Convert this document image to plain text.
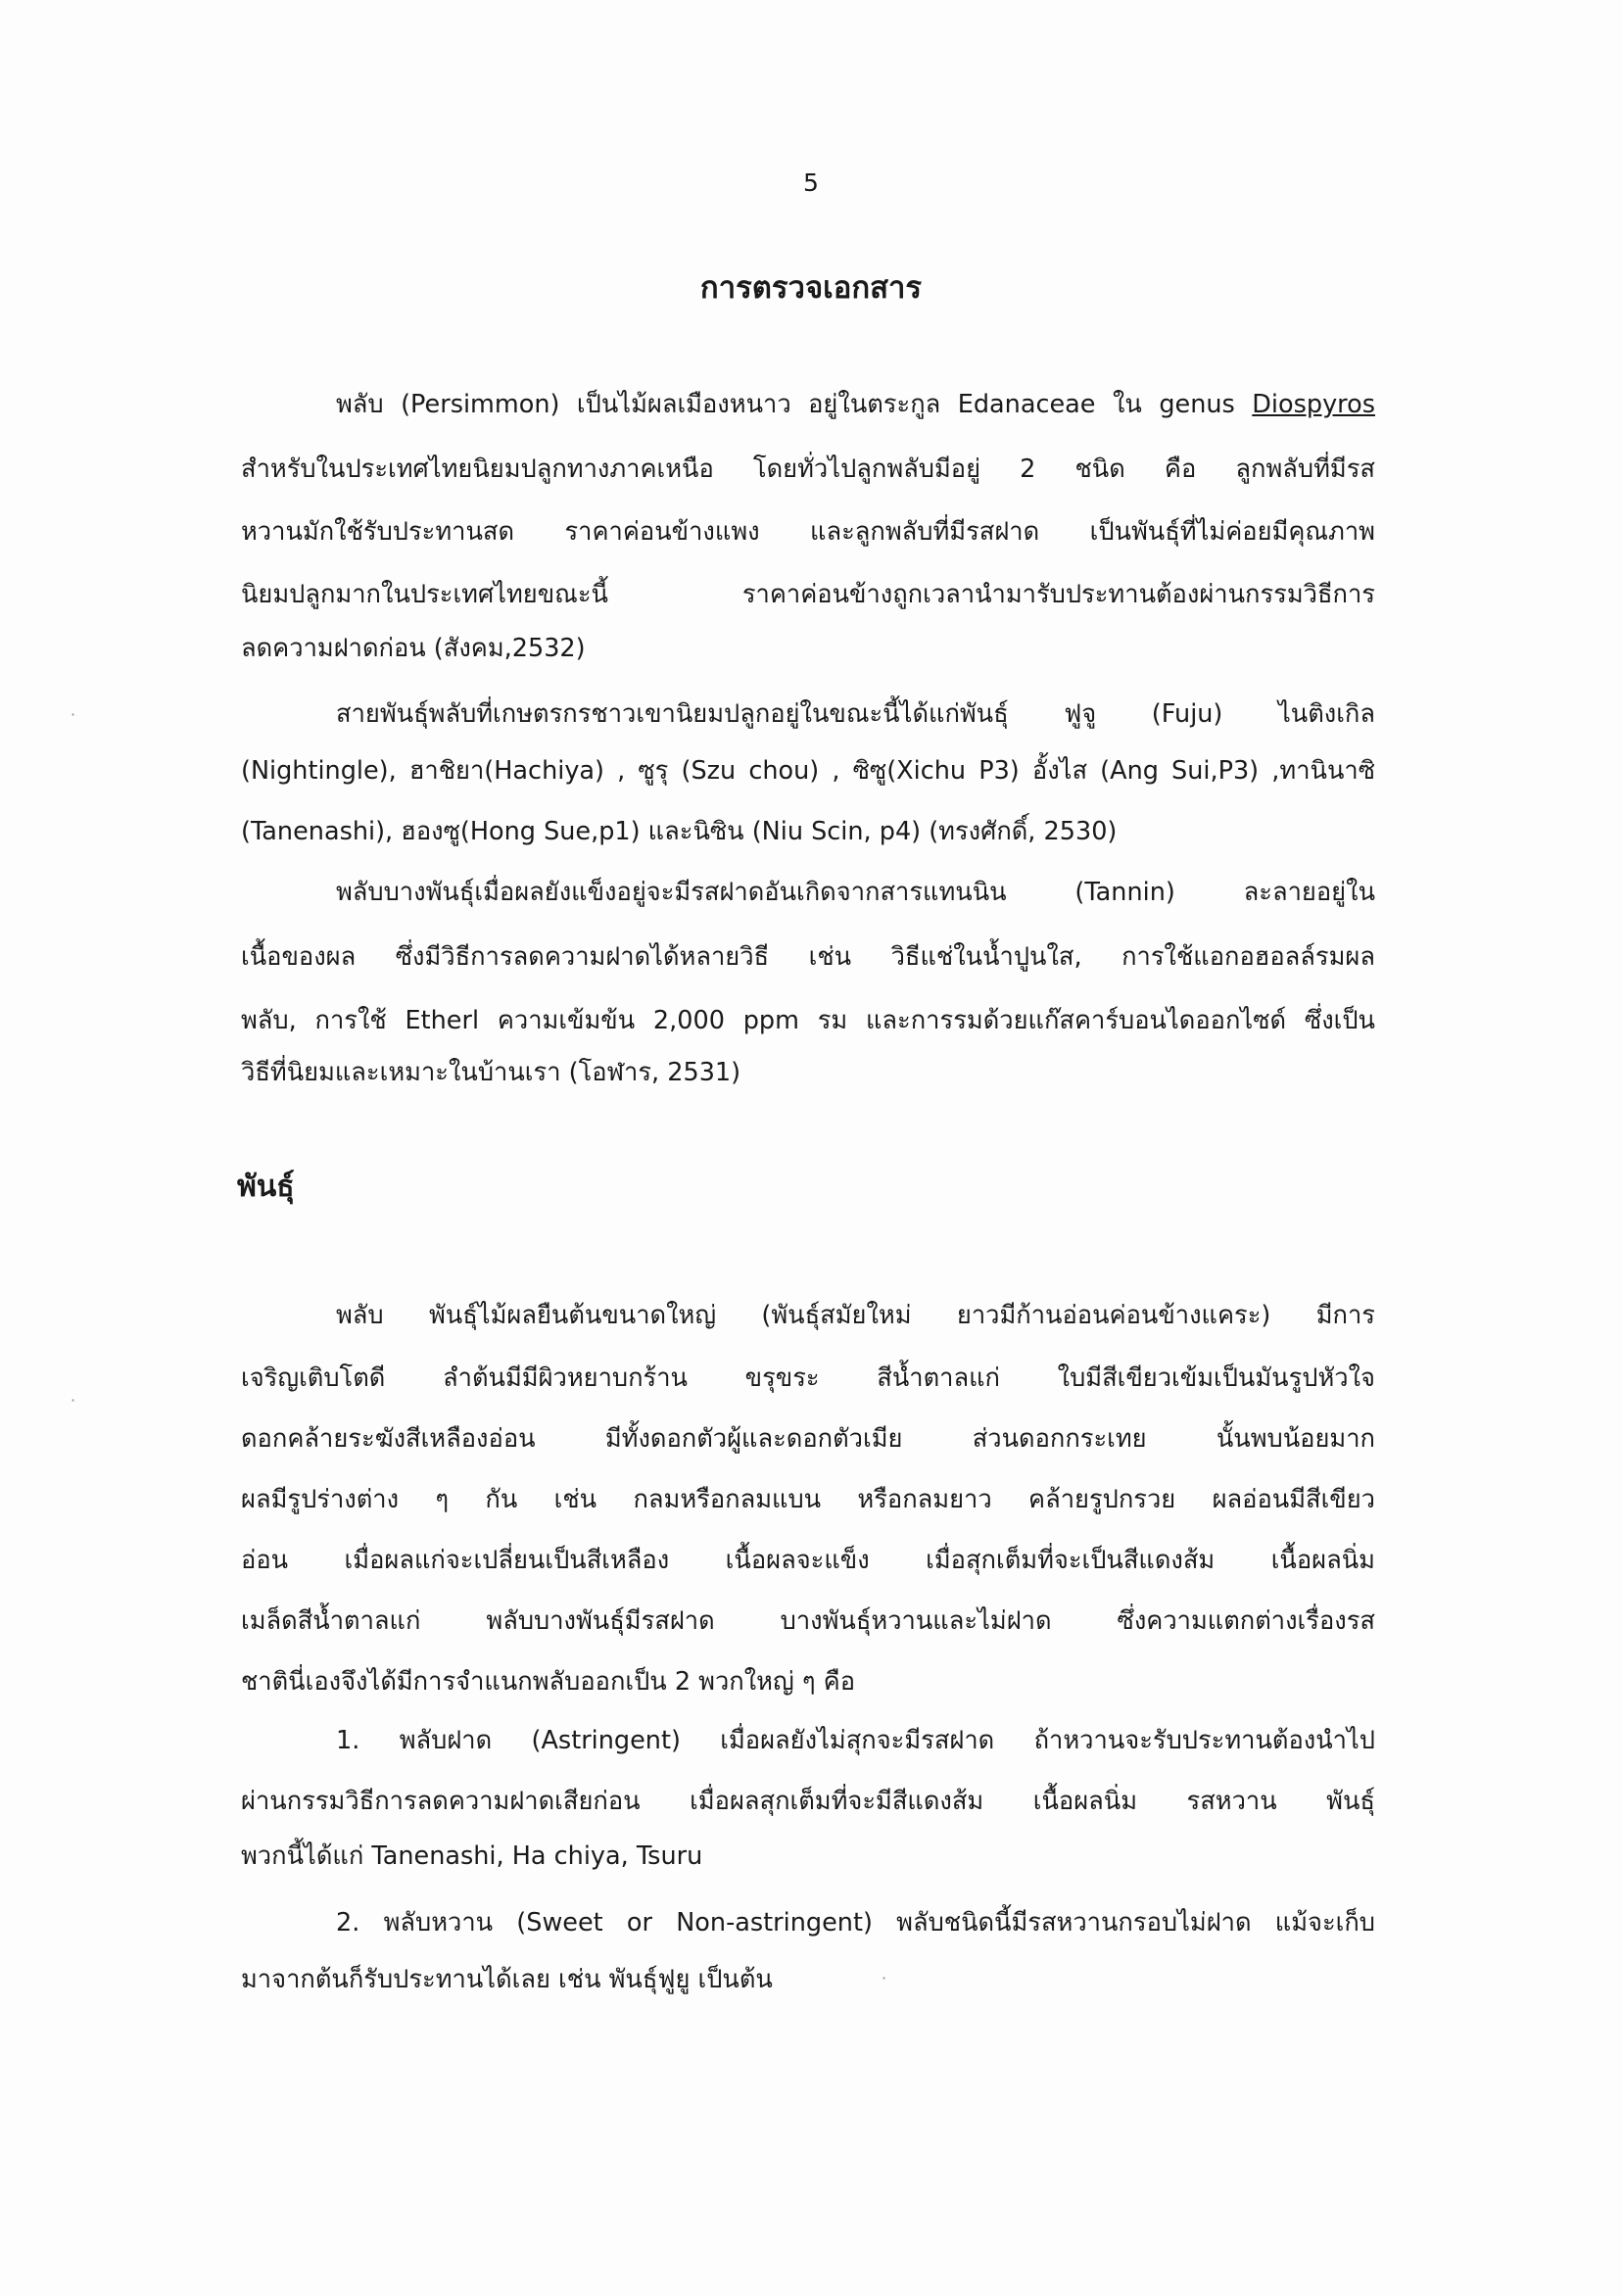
5
การตรวจเอกสาร
พลับ (Persimmon) เป็นไม้ผลเมืองหนาว อยู่ในตระกูล Edanaceae ใน genus Diospyros
สำหรับในประเทศไทยนิยมปลูกทางภาคเหนือ โดยทั่วไปลูกพลับมีอยู่ 2 ชนิด คือ ลูกพลับที่มีรส
หวานมักใช้รับประทานสด ราคาค่อนข้างแพง และลูกพลับที่มีรสฝาด เป็นพันธุ์ที่ไม่ค่อยมีคุณภาพ
นิยมปลูกมากในประเทศไทยขณะนี้ ราคาค่อนข้างถูกเวลานำมารับประทานต้องผ่านกรรมวิธีการ
ลดความฝาดก่อน (สังคม,2532)
สายพันธุ์พลับที่เกษตรกรชาวเขานิยมปลูกอยู่ในขณะนี้ได้แก่พันธุ์ ฟูจู (Fuju) ไนติงเกิล
(Nightingle), ฮาชิยา(Hachiya) , ซูรุ (Szu chou) , ซิซู(Xichu P3) อั้งไส (Ang Sui,P3) ,ทานินาซิ
(Tanenashi), ฮองซู(Hong Sue,p1) และนิซิน (Niu Scin, p4) (ทรงศักดิ์, 2530)
พลับบางพันธุ์เมื่อผลยังแข็งอยู่จะมีรสฝาดอันเกิดจากสารแทนนิน (Tannin) ละลายอยู่ใน
เนื้อของผล ซึ่งมีวิธีการลดความฝาดได้หลายวิธี เช่น วิธีแช่ในน้ำปูนใส, การใช้แอกอฮอลล์รมผล
พลับ, การใช้ Etherl ความเข้มข้น 2,000 ppm รม และการรมด้วยแก๊สคาร์บอนไดออกไซด์ ซึ่งเป็น
วิธีที่นิยมและเหมาะในบ้านเรา (โอฬาร, 2531)
พันธุ์
พลับ พันธุ์ไม้ผลยืนต้นขนาดใหญ่ (พันธุ์สมัยใหม่ ยาวมีก้านอ่อนค่อนข้างแคระ) มีการ
เจริญเติบโตดี ลำต้นมีมีผิวหยาบกร้าน ขรุขระ สีน้ำตาลแก่ ใบมีสีเขียวเข้มเป็นมันรูปหัวใจ
ดอกคล้ายระฆังสีเหลืองอ่อน มีทั้งดอกตัวผู้และดอกตัวเมีย ส่วนดอกกระเทย นั้นพบน้อยมาก
ผลมีรูปร่างต่าง ๆ กัน เช่น กลมหรือกลมแบน หรือกลมยาว คล้ายรูปกรวย ผลอ่อนมีสีเขียว
อ่อน เมื่อผลแก่จะเปลี่ยนเป็นสีเหลือง เนื้อผลจะแข็ง เมื่อสุกเต็มที่จะเป็นสีแดงส้ม เนื้อผลนิ่ม
เมล็ดสีน้ำตาลแก่ พลับบางพันธุ์มีรสฝาด บางพันธุ์หวานและไม่ฝาด ซึ่งความแตกต่างเรื่องรส
ชาตินี่เองจึงได้มีการจำแนกพลับออกเป็น 2 พวกใหญ่ ๆ คือ
1. พลับฝาด (Astringent) เมื่อผลยังไม่สุกจะมีรสฝาด ถ้าหวานจะรับประทานต้องนำไป
ผ่านกรรมวิธีการลดความฝาดเสียก่อน เมื่อผลสุกเต็มที่จะมีสีแดงส้ม เนื้อผลนิ่ม รสหวาน พันธุ์
พวกนี้ได้แก่ Tanenashi, Ha chiya, Tsuru
2. พลับหวาน (Sweet or Non-astringent) พลับชนิดนี้มีรสหวานกรอบไม่ฝาด แม้จะเก็บ
มาจากต้นก็รับประทานได้เลย เช่น พันธุ์ฟูยู เป็นต้น
·
·
·
